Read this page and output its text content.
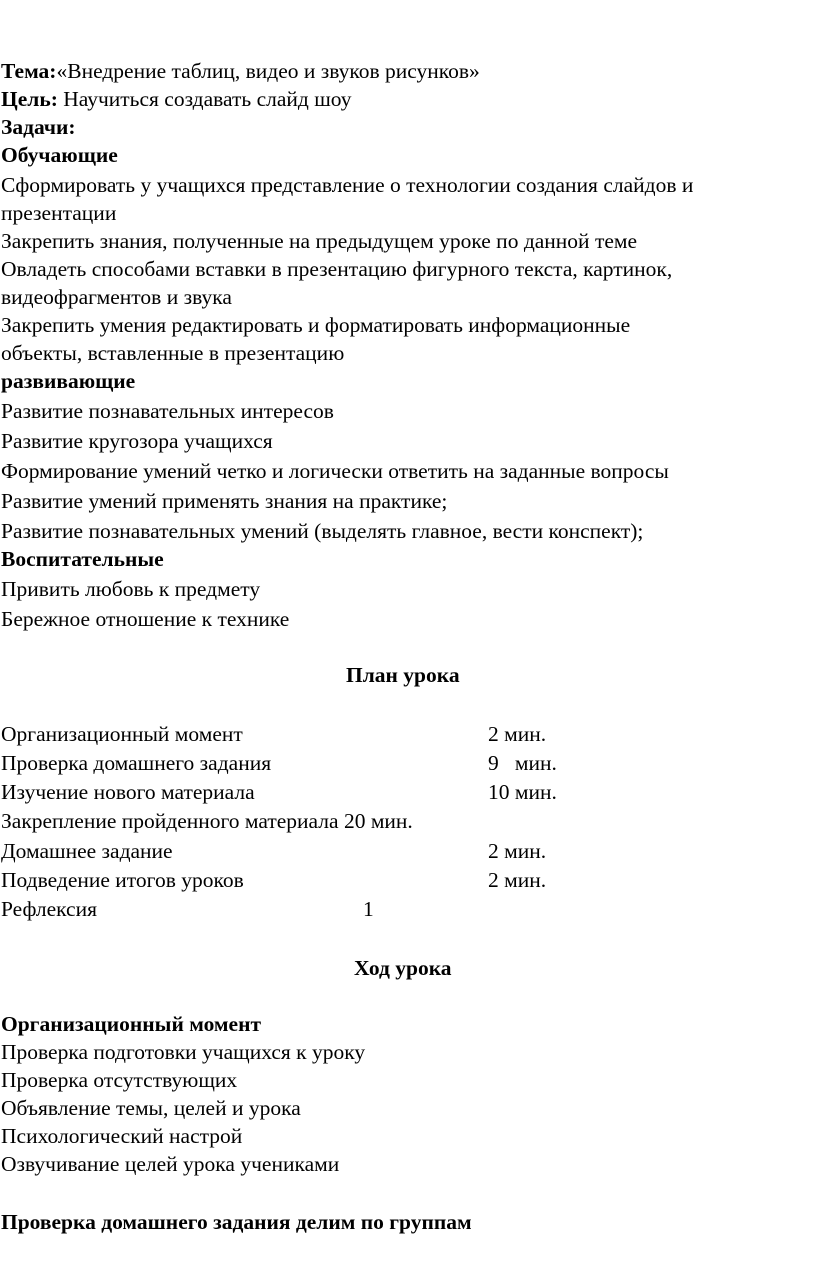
Тема:«Внедрение таблиц, видео и звуков рисунков»
Цель: Научиться создавать слайд шоу
Задачи:
Обучающие
Сформировать у учащихся представление о технологии создания слайдов и
презентации
Закрепить знания, полученные на предыдущем уроке по данной теме
Овладеть способами вставки в презентацию фигурного текста, картинок,
видеофрагментов и звука
Закрепить умения редактировать и форматировать информационные
объекты, вставленные в презентацию
развивающие
Развитие познавательных интересов
Развитие кругозора учащихся
Формирование умений четко и логически ответить на заданные вопросы
Развитие умений применять знания на практике;
Развитие познавательных умений (выделять главное, вести конспект);
Воспитательные
Привить любовь к предмету
Бережное отношение к технике
План урока
Организационный момент	2 мин.
Проверка домашнего задания	9   мин.
Изучение нового материала	10 мин.
Закрепление пройденного материала 20 мин.
Домашнее задание	2 мин.
Подведение итогов уроков	2 мин.
Рефлексия	1
Ход урока
Организационный момент
Проверка подготовки учащихся к уроку
Проверка отсутствующих
Объявление темы, целей и урока
Психологический настрой
Озвучивание целей урока учениками
Проверка домашнего задания делим по группам
